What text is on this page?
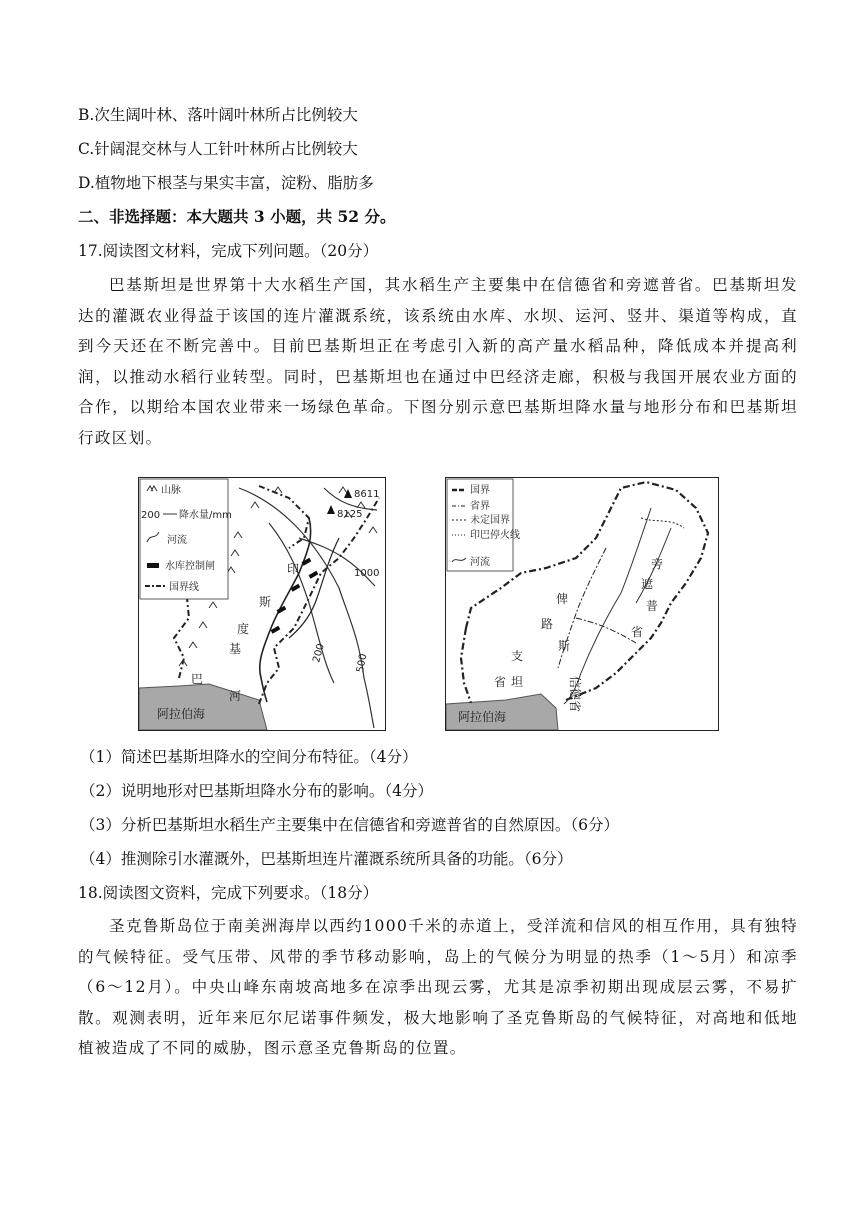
B.次生阔叶林、落叶阔叶林所占比例较大
C.针阔混交林与人工针叶林所占比例较大
D.植物地下根茎与果实丰富，淀粉、脂肪多
二、非选择题：本大题共 3 小题，共 52 分。
17.阅读图文材料，完成下列问题。（20分）
巴基斯坦是世界第十大水稻生产国，其水稻生产主要集中在信德省和旁遮普省。巴基斯坦发达的灌溉农业得益于该国的连片灌溉系统，该系统由水库、水坝、运河、竖井、渠道等构成，直到今天还在不断完善中。目前巴基斯坦正在考虑引入新的高产量水稻品种，降低成本并提高利润，以推动水稻行业转型。同时，巴基斯坦也在通过中巴经济走廊，积极与我国开展农业方面的合作，以期给本国农业带来一场绿色革命。下图分别示意巴基斯坦降水量与地形分布和巴基斯坦行政区划。
山脉
200 降水量/mm
河流
水库控制闸
国界线
8611
8125
1000
200	500
印
度
河
斯
基
巴
阿拉伯海
国界
省界
未定国界
印巴停火线
河流	旁
遮
普
省
俾
路
支
斯
坦
省	信德省
阿拉伯海
（1）简述巴基斯坦降水的空间分布特征。（4分）
（2）说明地形对巴基斯坦降水分布的影响。（4分）
（3）分析巴基斯坦水稻生产主要集中在信德省和旁遮普省的自然原因。（6分）
（4）推测除引水灌溉外，巴基斯坦连片灌溉系统所具备的功能。（6分）
18.阅读图文资料，完成下列要求。（18分）
圣克鲁斯岛位于南美洲海岸以西约1000千米的赤道上，受洋流和信风的相互作用，具有独特的气候特征。受气压带、风带的季节移动影响，岛上的气候分为明显的热季（1～5月）和凉季（6～12月）。中央山峰东南坡高地多在凉季出现云雾，尤其是凉季初期出现成层云雾，不易扩散。观测表明，近年来厄尔尼诺事件频发，极大地影响了圣克鲁斯岛的气候特征，对高地和低地植被造成了不同的威胁，图示意圣克鲁斯岛的位置。
